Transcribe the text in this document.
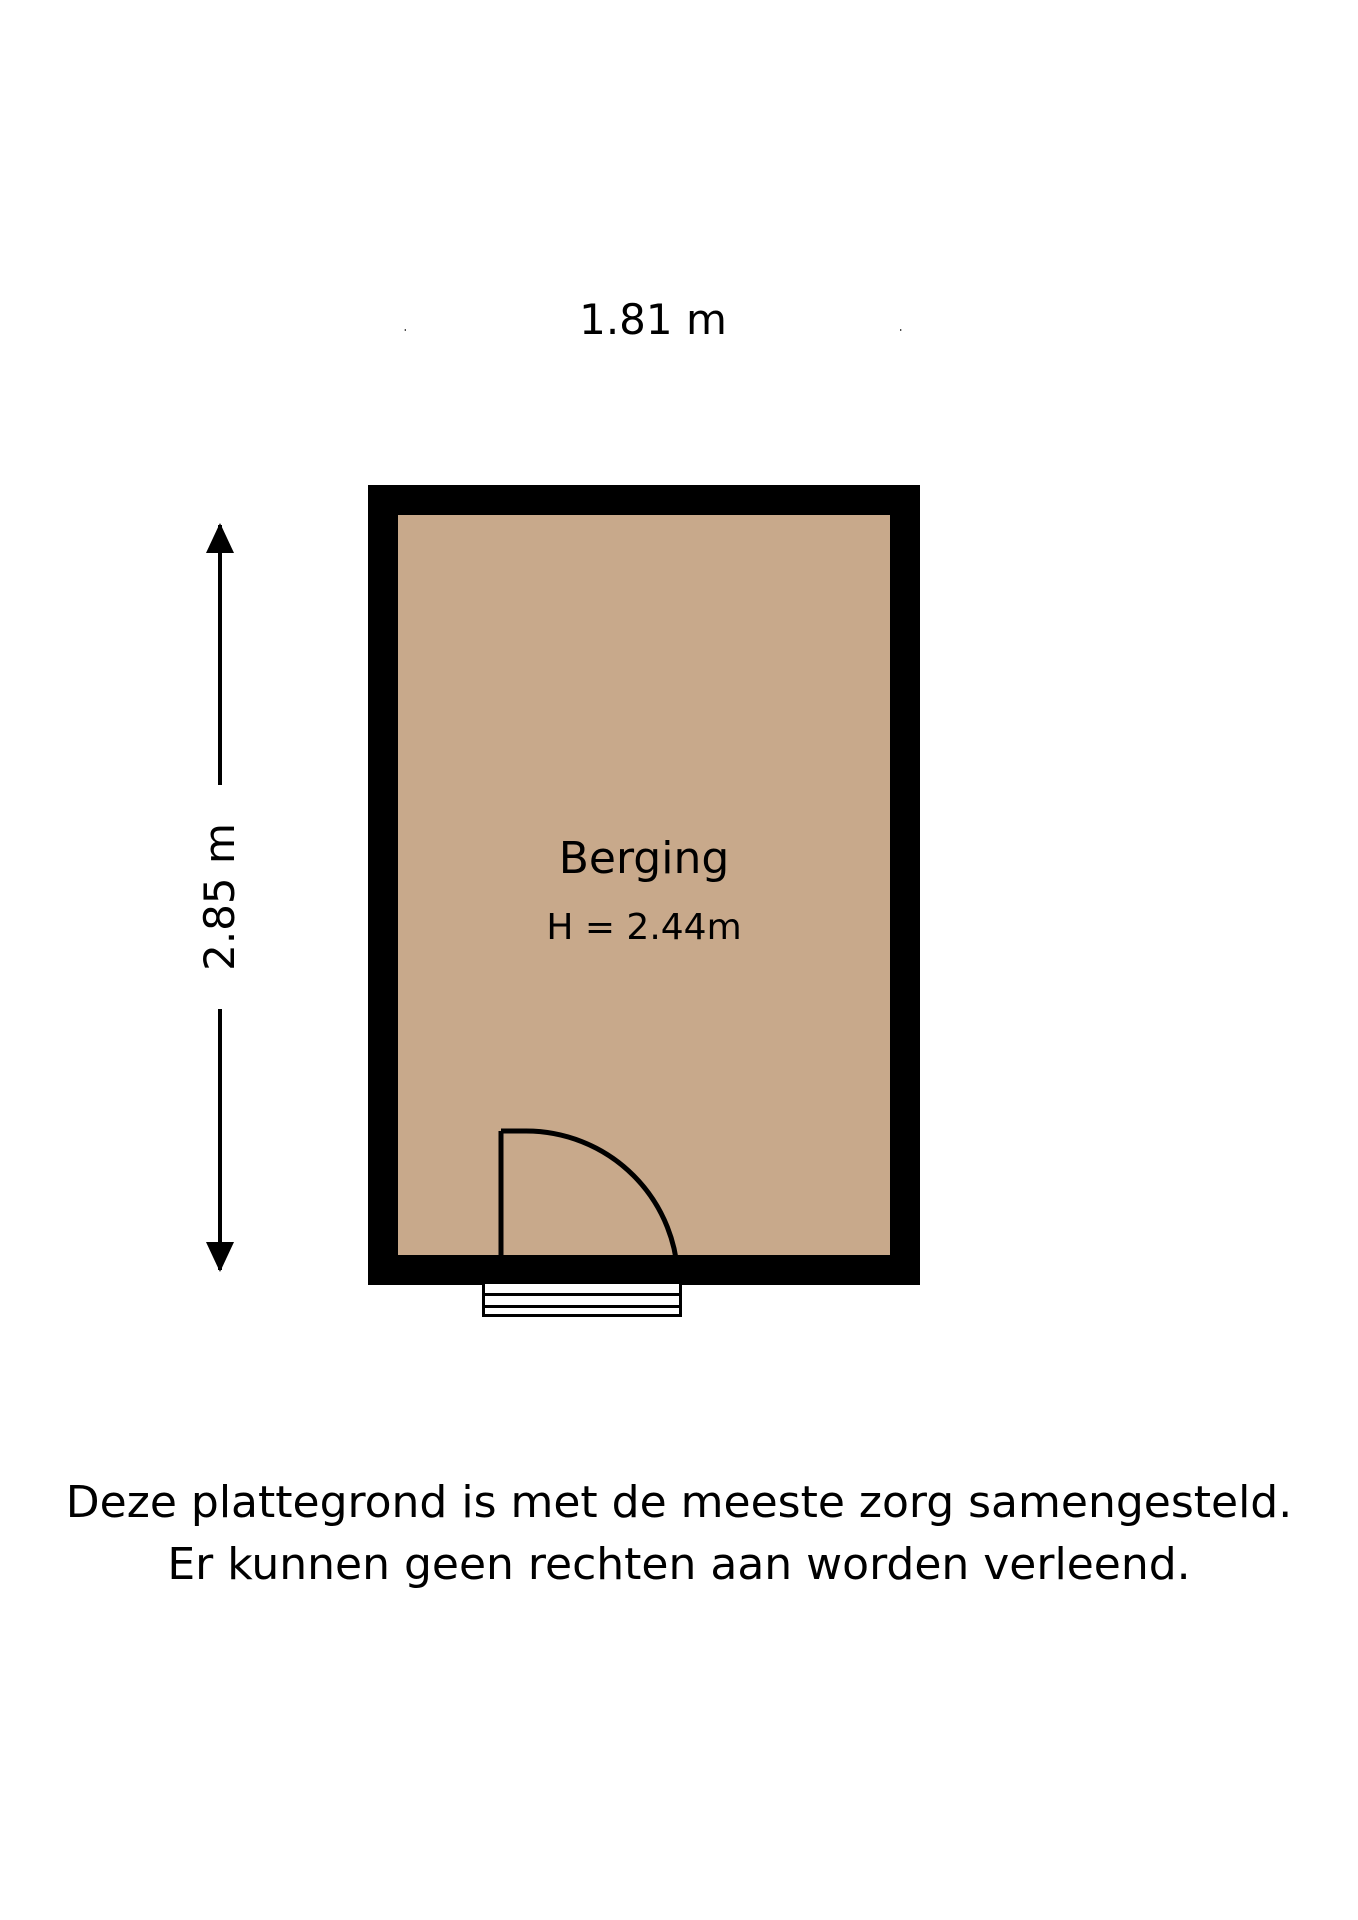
1.81 m
2.85 m	Berging
H = 2.44m
Deze plattegrond is met de meeste zorg samengesteld.
Er kunnen geen rechten aan worden verleend.
